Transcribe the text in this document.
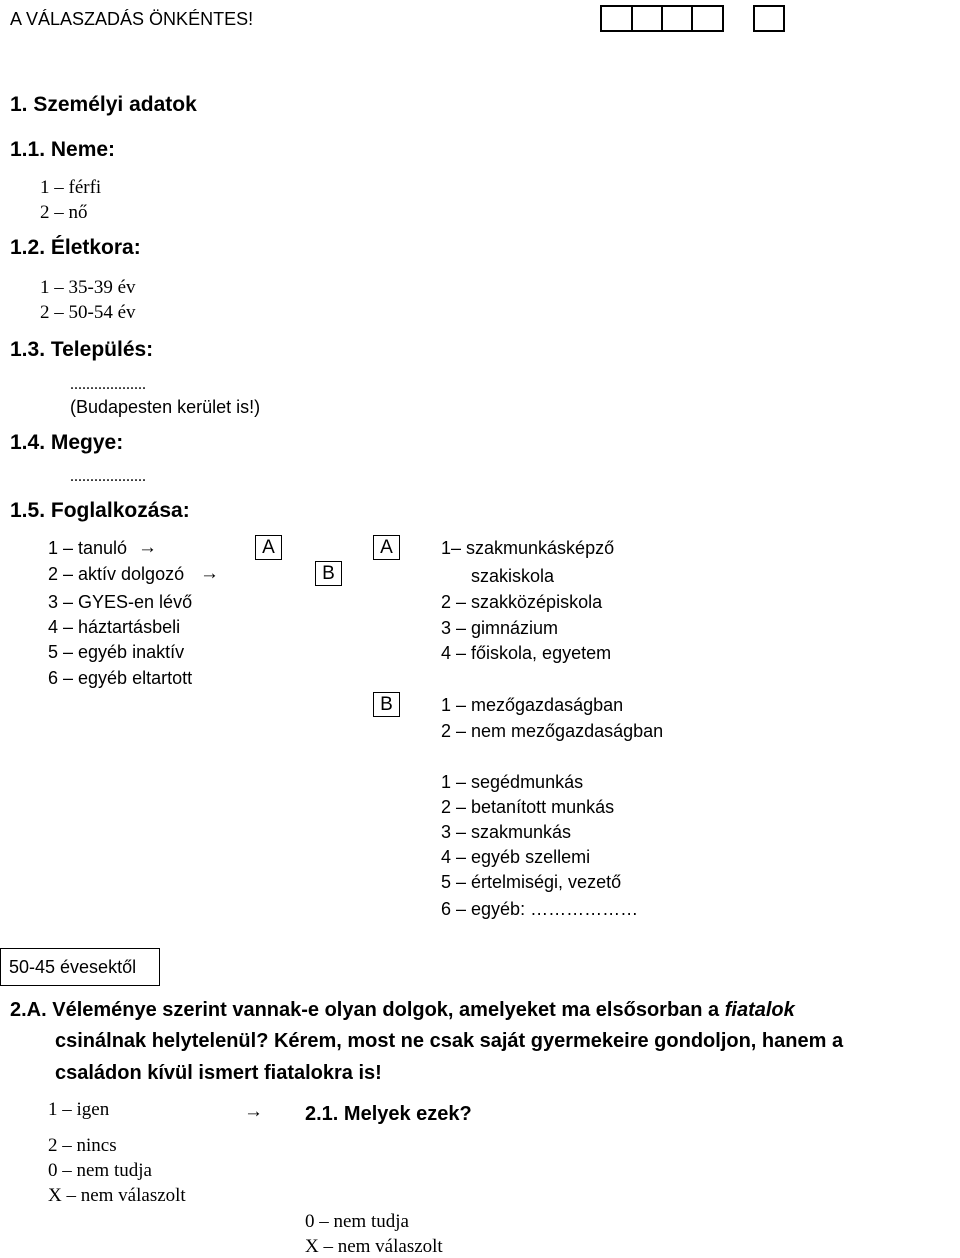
A VÁLASZADÁS ÖNKÉNTES!
1. Személyi adatok
1.1. Neme:
1 – férfi
2 – nő
1.2. Életkora:
1 – 35-39 év
2 – 50-54 év
1.3. Település:
...................
(Budapesten kerület is!)
1.4. Megye:
...................
1.5. Foglalkozása:
1 – tanuló →
2 – aktív dolgozó →
3 – GYES-en lévő
4 – háztartásbeli
5 – egyéb inaktív
6 – egyéb eltartott
A
B
A
B
1– szakmunkásképző
szakiskola
2 – szakközépiskola
3 – gimnázium
4 – főiskola, egyetem
1 – mezőgazdaságban
2 – nem mezőgazdaságban
1 – segédmunkás
2 – betanított munkás
3 – szakmunkás
4 – egyéb szellemi
5 – értelmiségi, vezető
6 – egyéb: ………………
50-45 évesektől
2.A. Véleménye szerint vannak-e olyan dolgok, amelyeket ma elsősorban a fiatalok
csinálnak helytelenül? Kérem, most ne csak saját gyermekeire gondoljon, hanem a
családon kívül ismert fiatalokra is!
1 – igen	→ 2.1. Melyek ezek?
2 – nincs
0 – nem tudja
X – nem válaszolt
0 – nem tudja
X – nem válaszolt
